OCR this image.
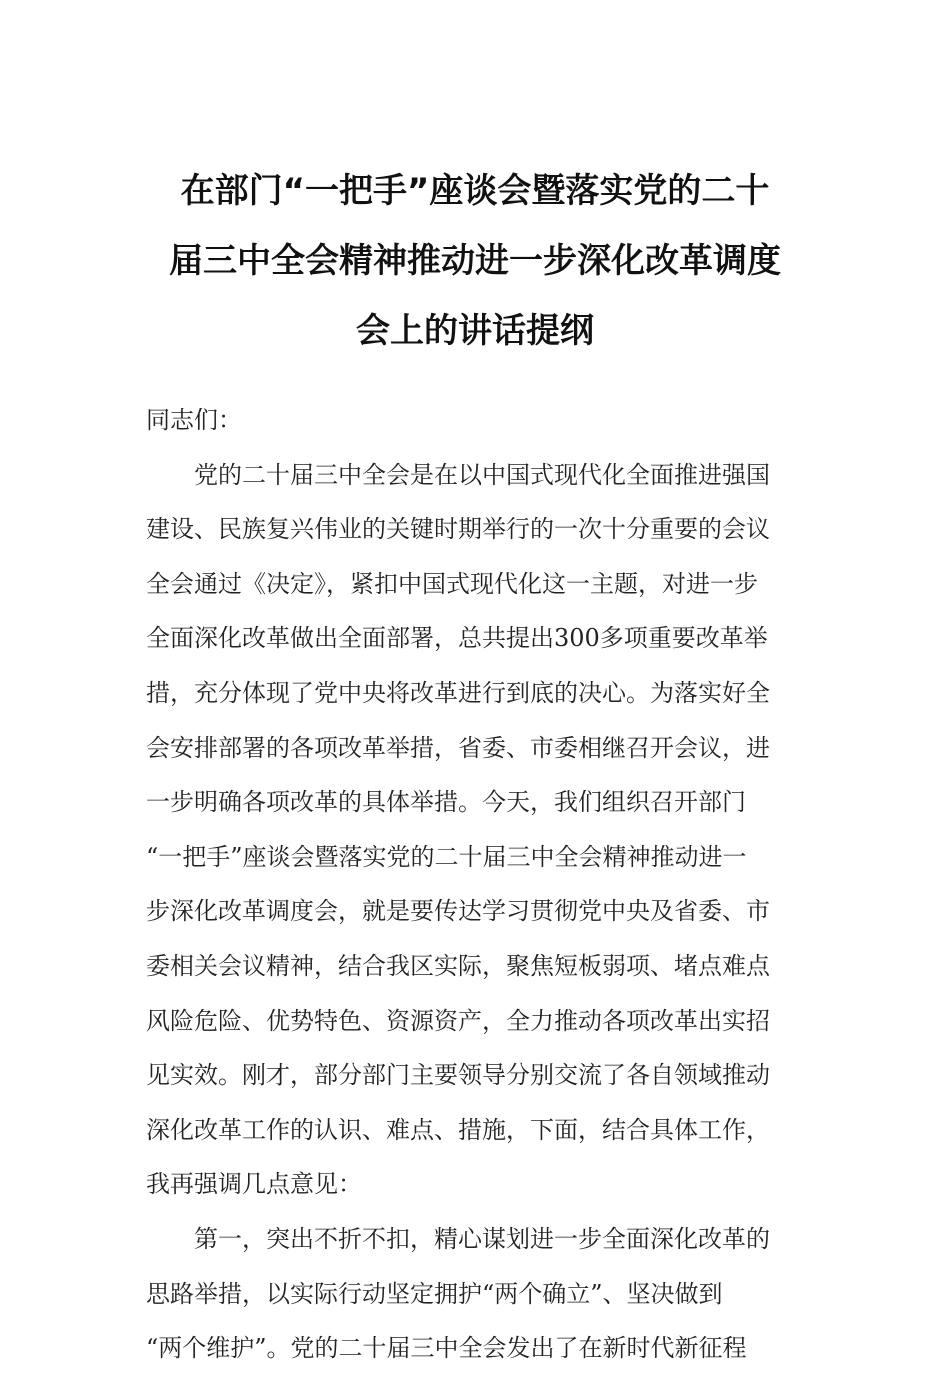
在部门“一把手”座谈会暨落实党的二十
届三中全会精神推动进一步深化改革调度
会上的讲话提纲
同志们：
　　党的二十届三中全会是在以中国式现代化全面推进强国
建设、民族复兴伟业的关键时期举行的一次十分重要的会议
全会通过《决定》，紧扣中国式现代化这一主题，对进一步
全面深化改革做出全面部署，总共提出300多项重要改革举
措，充分体现了党中央将改革进行到底的决心。为落实好全
会安排部署的各项改革举措，省委、市委相继召开会议，进
一步明确各项改革的具体举措。今天，我们组织召开部门
“一把手”座谈会暨落实党的二十届三中全会精神推动进一
步深化改革调度会，就是要传达学习贯彻党中央及省委、市
委相关会议精神，结合我区实际，聚焦短板弱项、堵点难点
风险危险、优势特色、资源资产，全力推动各项改革出实招
见实效。刚才，部分部门主要领导分别交流了各自领域推动
深化改革工作的认识、难点、措施，下面，结合具体工作，
我再强调几点意见：
　　第一，突出不折不扣，精心谋划进一步全面深化改革的
思路举措，以实际行动坚定拥护“两个确立”、坚决做到
“两个维护”。党的二十届三中全会发出了在新时代新征程
